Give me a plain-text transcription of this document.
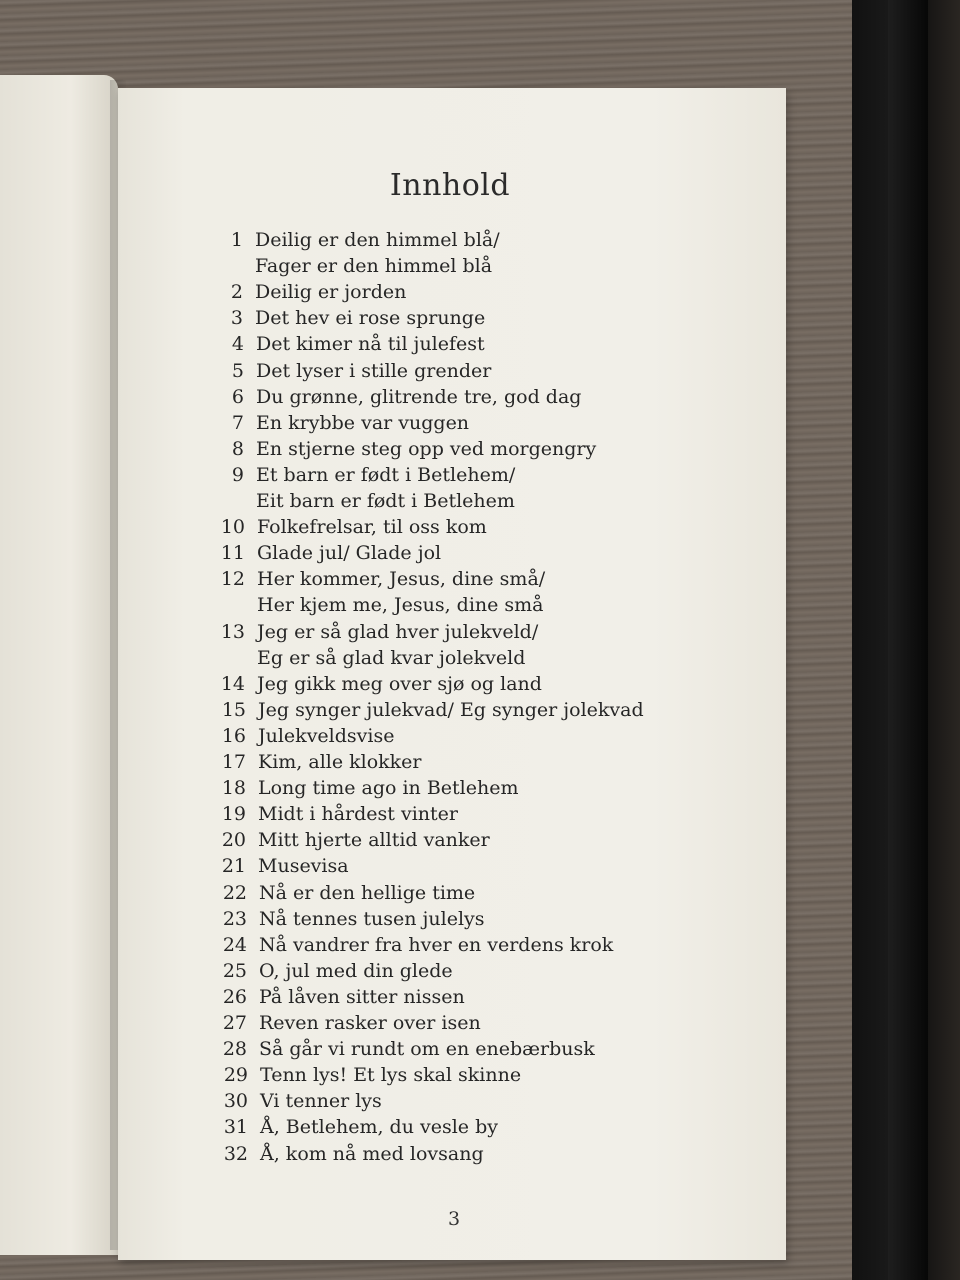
Innhold
1 Deilig er den himmel blå/
Fager er den himmel blå
2 Deilig er jorden
3 Det hev ei rose sprunge
4 Det kimer nå til julefest
5 Det lyser i stille grender
6 Du grønne, glitrende tre, god dag
7 En krybbe var vuggen
8 En stjerne steg opp ved morgengry
9 Et barn er født i Betlehem/
Eit barn er født i Betlehem
10 Folkefrelsar, til oss kom
11 Glade jul/ Glade jol
12 Her kommer, Jesus, dine små/
Her kjem me, Jesus, dine små
13 Jeg er så glad hver julekveld/
Eg er så glad kvar jolekveld
14 Jeg gikk meg over sjø og land
15 Jeg synger julekvad/ Eg synger jolekvad
16 Julekveldsvise
17 Kim, alle klokker
18 Long time ago in Betlehem
19 Midt i hårdest vinter
20 Mitt hjerte alltid vanker
21 Musevisa
22 Nå er den hellige time
23 Nå tennes tusen julelys
24 Nå vandrer fra hver en verdens krok
25 O, jul med din glede
26 På låven sitter nissen
27 Reven rasker over isen
28 Så går vi rundt om en enebærbusk
29 Tenn lys! Et lys skal skinne
30 Vi tenner lys
31 Å, Betlehem, du vesle by
32 Å, kom nå med lovsang
3
